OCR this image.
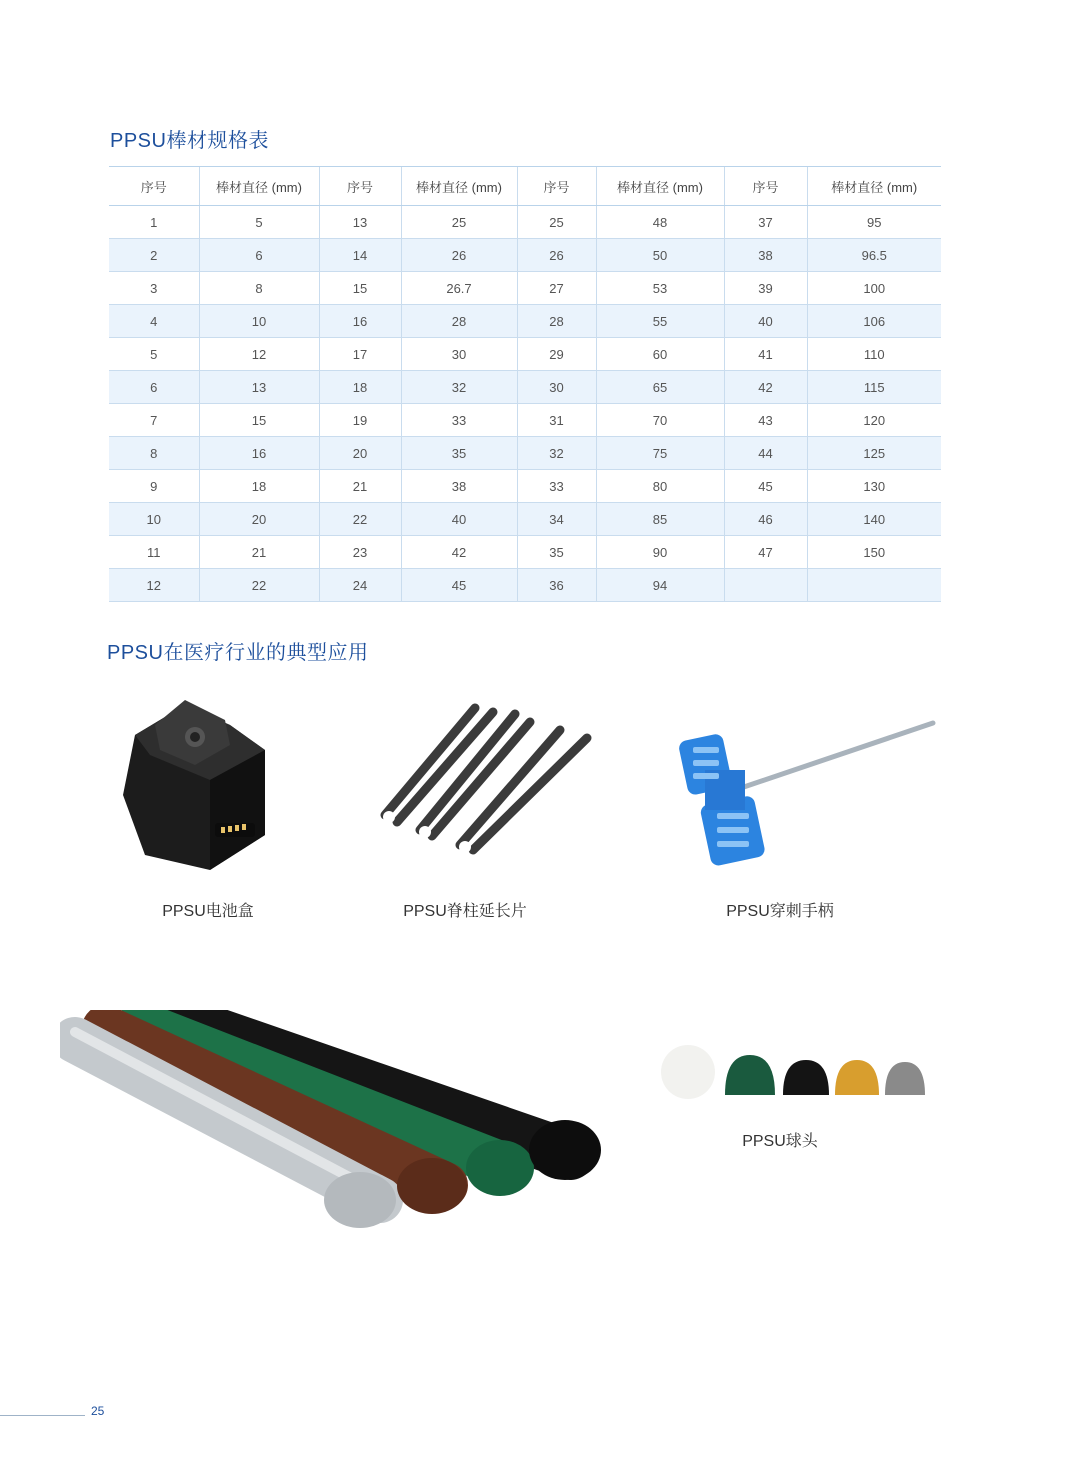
PPSU棒材规格表
序号	棒材直径 (mm)	序号	棒材直径 (mm)	序号	棒材直径 (mm)	序号	棒材直径 (mm)
1	5	13	25	25	48	37	95
2	6	14	26	26	50	38	96.5
3	8	15	26.7	27	53	39	100
4	10	16	28	28	55	40	106
5	12	17	30	29	60	41	110
6	13	18	32	30	65	42	115
7	15	19	33	31	70	43	120
8	16	20	35	32	75	44	125
9	18	21	38	33	80	45	130
10	20	22	40	34	85	46	140
11	21	23	42	35	90	47	150
12	22	24	45	36	94		
PPSU在医疗行业的典型应用
PPSU电池盒	PPSU脊柱延长片	PPSU穿刺手柄
PPSU球头
25
